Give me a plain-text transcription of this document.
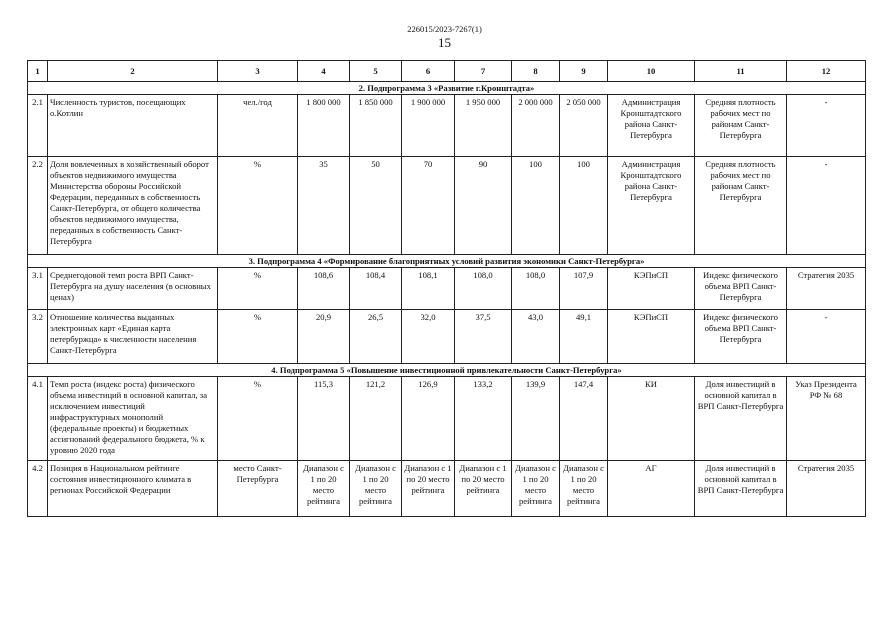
226015/2023-7267(1)
15
1	2	3	4	5	6	7	8	9	10	11	12
2. Подпрограмма 3 «Развитие г.Кронштадта»											
2.1	Численность туристов, посещающих о.Котлин	чел./год	1 800 000	1 850 000	1 900 000	1 950 000	2 000 000	2 050 000	Администрация Кронштадтского района Санкт-Петербурга	Средняя плотность рабочих мест по районам Санкт-Петербурга	-
2.2	Доля вовлеченных в хозяйственный оборот объектов недвижимого имущества Министерства обороны Российской Федерации, переданных в собственность Санкт-Петербурга, от общего количества объектов недвижимого имущества, переданных в собственность Санкт-Петербурга	%	35	50	70	90	100	100	Администрация Кронштадтского района Санкт-Петербурга	Средняя плотность рабочих мест по районам Санкт-Петербурга	-
3. Подпрограмма 4 «Формирование благоприятных условий развития экономики Санкт-Петербурга»											
3.1	Среднегодовой темп роста ВРП Санкт-Петербурга на душу населения (в основных ценах)	%	108,6	108,4	108,1	108,0	108,0	107,9	КЭПиСП	Индекс физического объема ВРП Санкт-Петербурга	Стратегия 2035
3.2	Отношение количества выданных электронных карт «Единая карта петербуржца» к численности населения Санкт-Петербурга	%	20,9	26,5	32,0	37,5	43,0	49,1	КЭПиСП	Индекс физического объема ВРП Санкт-Петербурга	-
4. Подпрограмма 5 «Повышение инвестиционной привлекательности Санкт-Петербурга»											
4.1	Темп роста (индекс роста) физического объема инвестиций в основной капитал, за исключением инвестиций инфраструктурных монополий (федеральные проекты) и бюджетных ассигнований федерального бюджета, % к уровню 2020 года	%	115,3	121,2	126,9	133,2	139,9	147,4	КИ	Доля инвестиций в основной капитал в ВРП Санкт-Петербурга	Указ Президента РФ № 68
4.2	Позиция в Национальном рейтинге состояния инвестиционного климата в регионах Российской Федерации	место Санкт-Петербурга	Диапазон с 1 по 20 место рейтинга	Диапазон с 1 по 20 место рейтинга	Диапазон с 1 по 20 место рейтинга	Диапазон с 1 по 20 место рейтинга	Диапазон с 1 по 20 место рейтинга	Диапазон с 1 по 20 место рейтинга	АГ	Доля инвестиций в основной капитал в ВРП Санкт-Петербурга	Стратегия 2035
